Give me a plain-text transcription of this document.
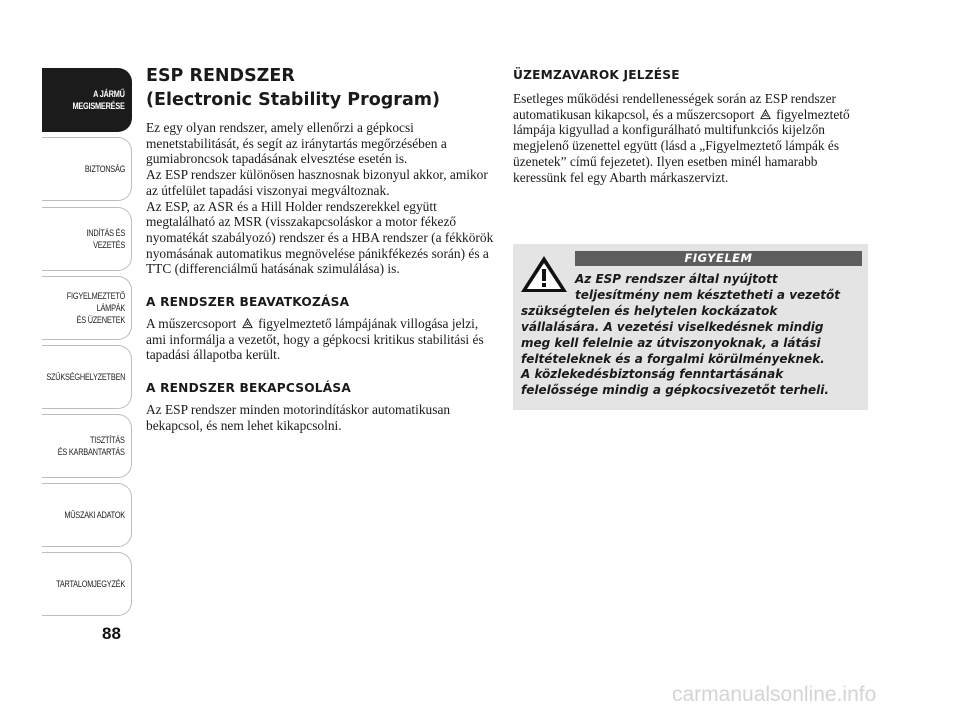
A JÁRMŰ
MEGISMERÉSE
BIZTONSÁG
INDÍTÁS ÉS VEZETÉS
FIGYELMEZTETŐ
LÁMPÁK
ÉS ÜZENETEK
SZÜKSÉGHELYZETBEN
TISZTÍTÁS
ÉS KARBANTARTÁS
MŰSZAKI ADATOK
TARTALOMJEGYZÉK
88
ESP RENDSZER
(Electronic Stability Program)

Ez egy olyan rendszer, amely ellenőrzi a gépkocsi menetstabilitását, és segít az iránytartás megőrzésében a gumiabroncsok tapadásának elvesztése esetén is.
Az ESP rendszer különösen hasznosnak bizonyul akkor, amikor az útfelület tapadási viszonyai megváltoznak.
Az ESP, az ASR és a Hill Holder rendszerekkel együtt megtalálható az MSR (visszakapcsoláskor a motor fékező nyomatékát szabályozó) rendszer és a HBA rendszer (a fékkörök nyomásának automatikus megnövelése pánikfékezés során) és a TTC (differenciálmű hatásának szimulálása) is.

A RENDSZER BEAVATKOZÁSA

A műszercsoport figyelmeztető lámpájának villogása jelzi, ami informálja a vezetőt, hogy a gépkocsi kritikus stabilitási és tapadási állapotba került.

A RENDSZER BEKAPCSOLÁSA

Az ESP rendszer minden motorindításkor automatikusan bekapcsol, és nem lehet kikapcsolni.

ÜZEMZAVAROK JELZÉSE

Esetleges működési rendellenességek során az ESP rendszer automatikusan kikapcsol, és a műszercsoport figyelmeztető lámpája kigyullad a konfigurálható multifunkciós kijelzőn megjelenő üzenettel együtt (lásd a „Figyelmeztető lámpák és üzenetek” című fejezetet). Ilyen esetben minél hamarabb keressünk fel egy Abarth márkaszervizt.

FIGYELEM
Az ESP rendszer által nyújtott
teljesítmény nem késztetheti a vezetőt
szükségtelen és helytelen kockázatok
vállalására. A vezetési viselkedésnek mindig
meg kell felelnie az útviszonyoknak, a látási
feltételeknek és a forgalmi körülményeknek.
A közlekedésbiztonság fenntartásának
felelőssége mindig a gépkocsivezetőt terheli.
carmanualsonline.info
